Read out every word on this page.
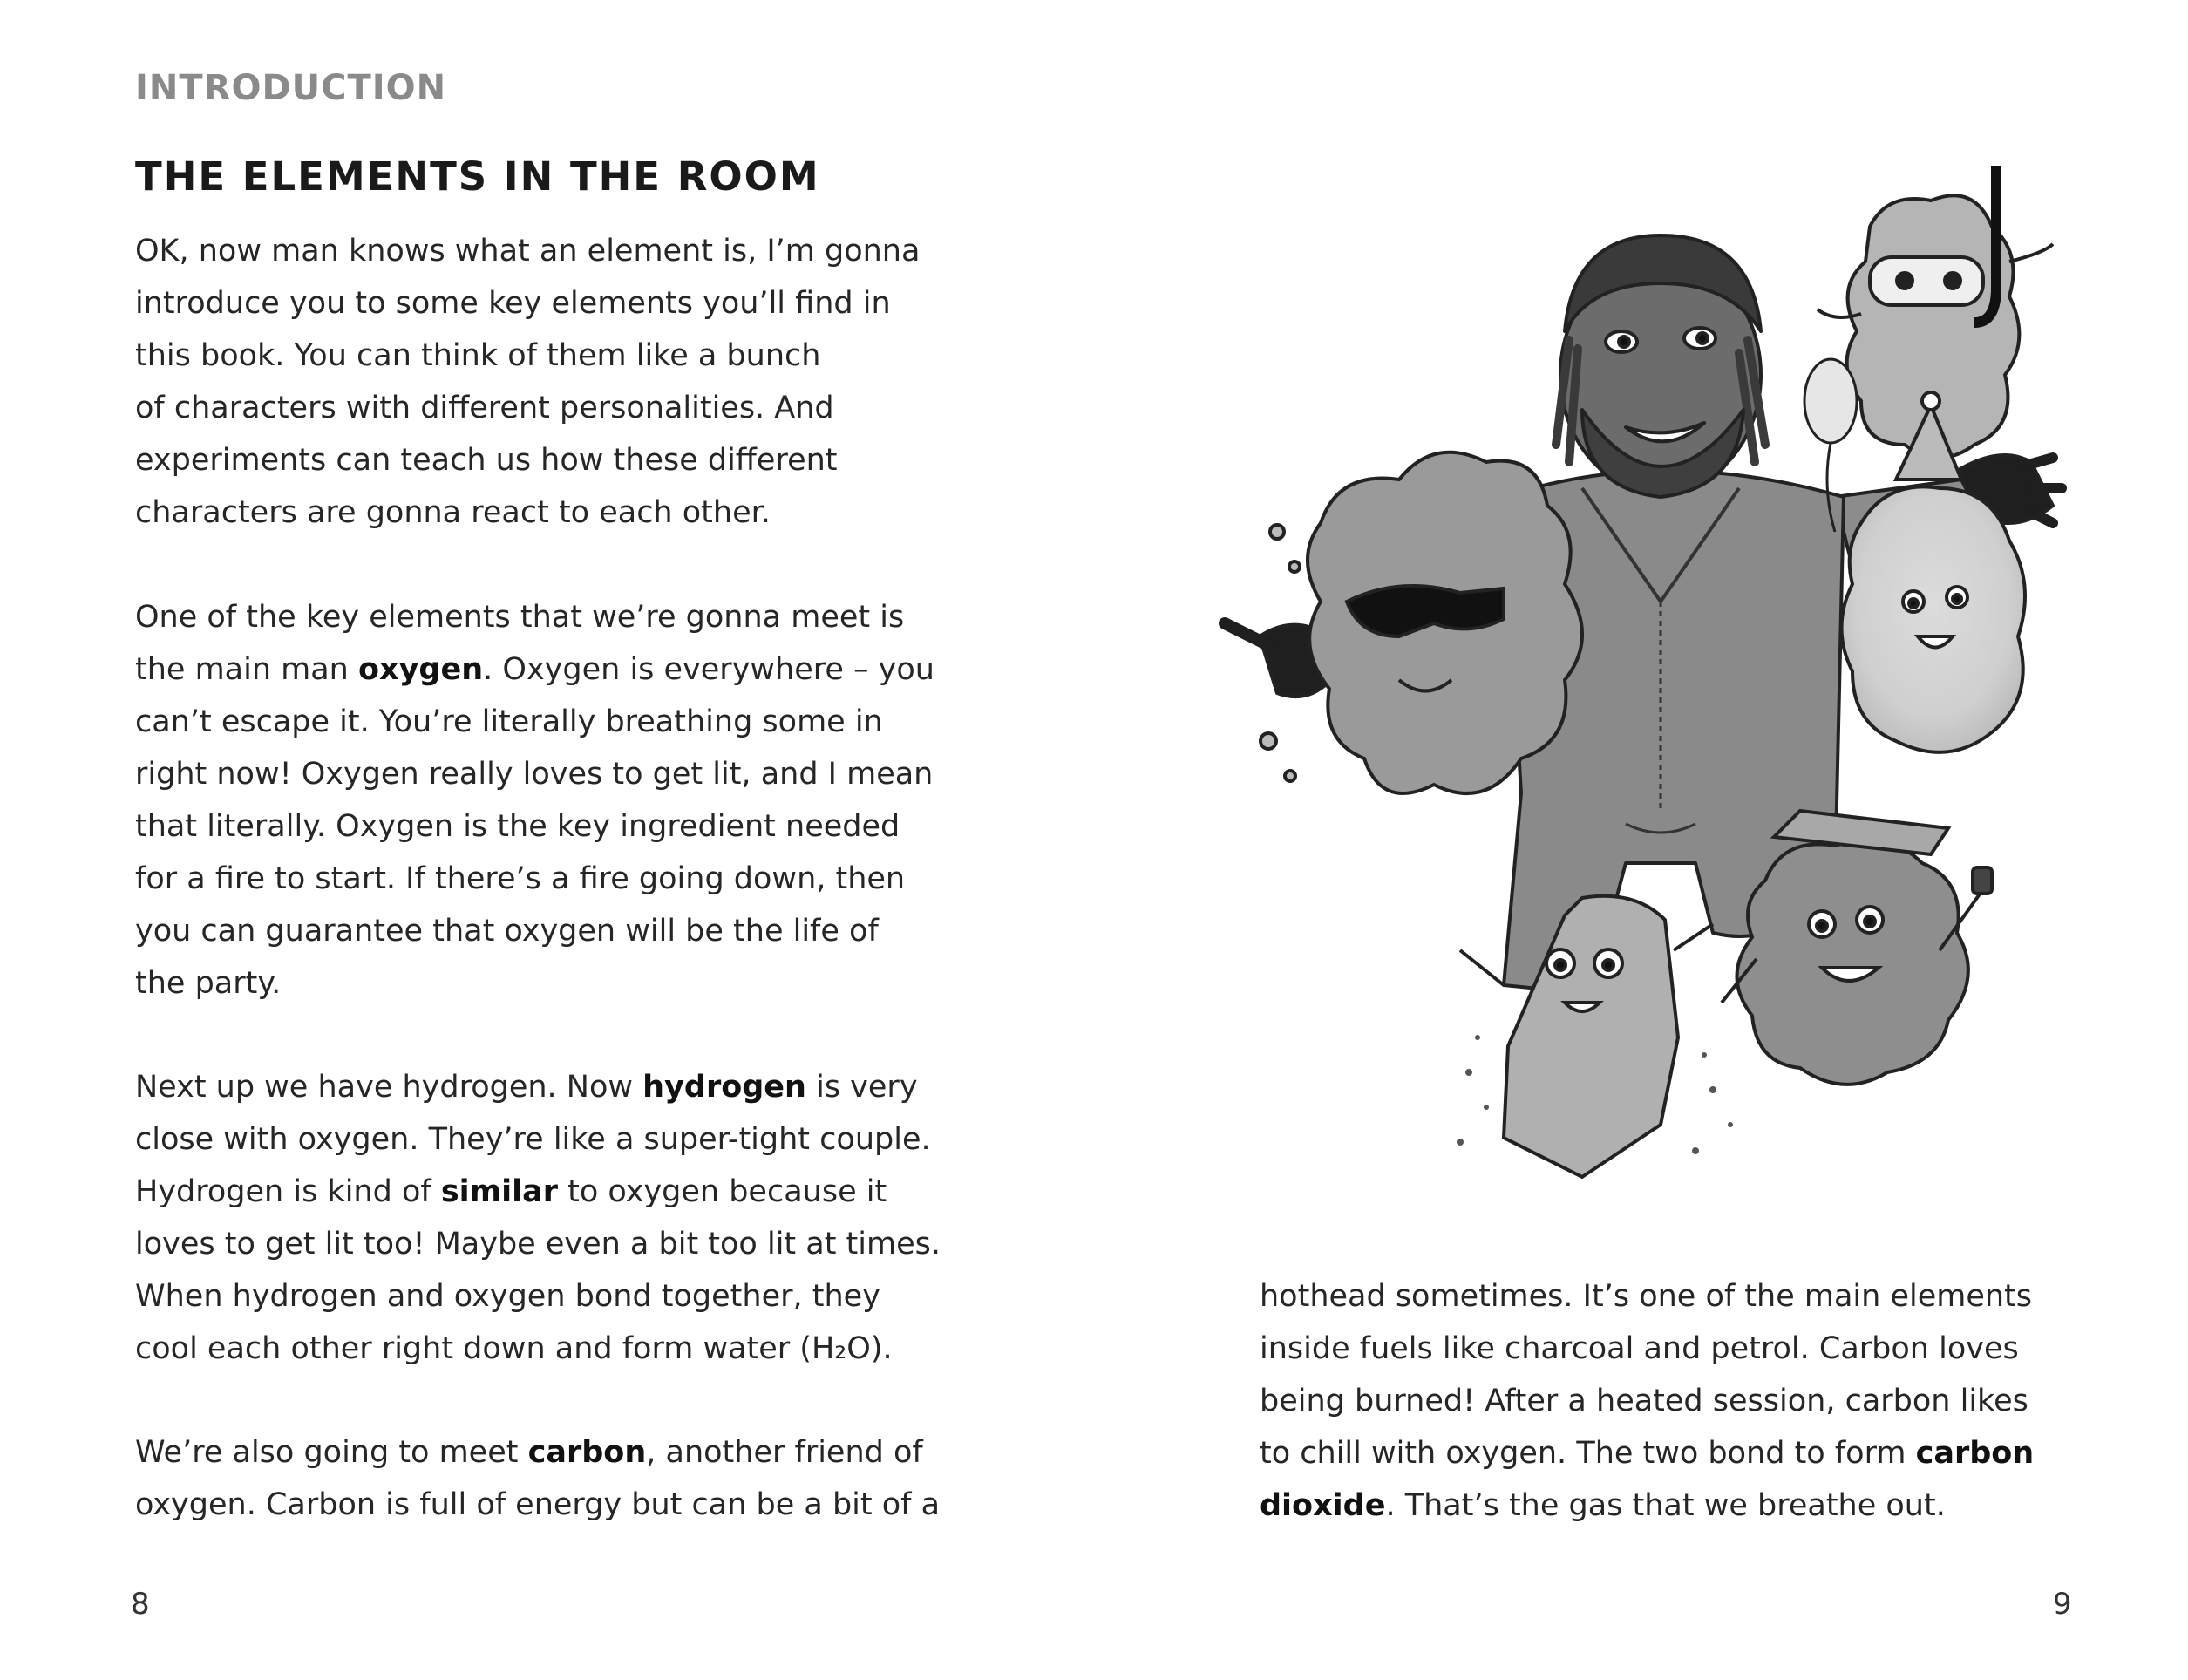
INTRODUCTION
THE ELEMENTS IN THE ROOM
OK, now man knows what an element is, I’m gonna
introduce you to some key elements you’ll find in
this book. You can think of them like a bunch
of characters with different personalities. And
experiments can teach us how these different
characters are gonna react to each other.
One of the key elements that we’re gonna meet is
the main man oxygen. Oxygen is everywhere – you
can’t escape it. You’re literally breathing some in
right now! Oxygen really loves to get lit, and I mean
that literally. Oxygen is the key ingredient needed
for a fire to start. If there’s a fire going down, then
you can guarantee that oxygen will be the life of
the party.
Next up we have hydrogen. Now hydrogen is very
close with oxygen. They’re like a super-tight couple.
Hydrogen is kind of similar to oxygen because it
loves to get lit too! Maybe even a bit too lit at times.
When hydrogen and oxygen bond together, they
cool each other right down and form water (H₂O).
We’re also going to meet carbon, another friend of
oxygen. Carbon is full of energy but can be a bit of a
8
hothead sometimes. It’s one of the main elements
inside fuels like charcoal and petrol. Carbon loves
being burned! After a heated session, carbon likes
to chill with oxygen. The two bond to form carbon
dioxide. That’s the gas that we breathe out.
9
